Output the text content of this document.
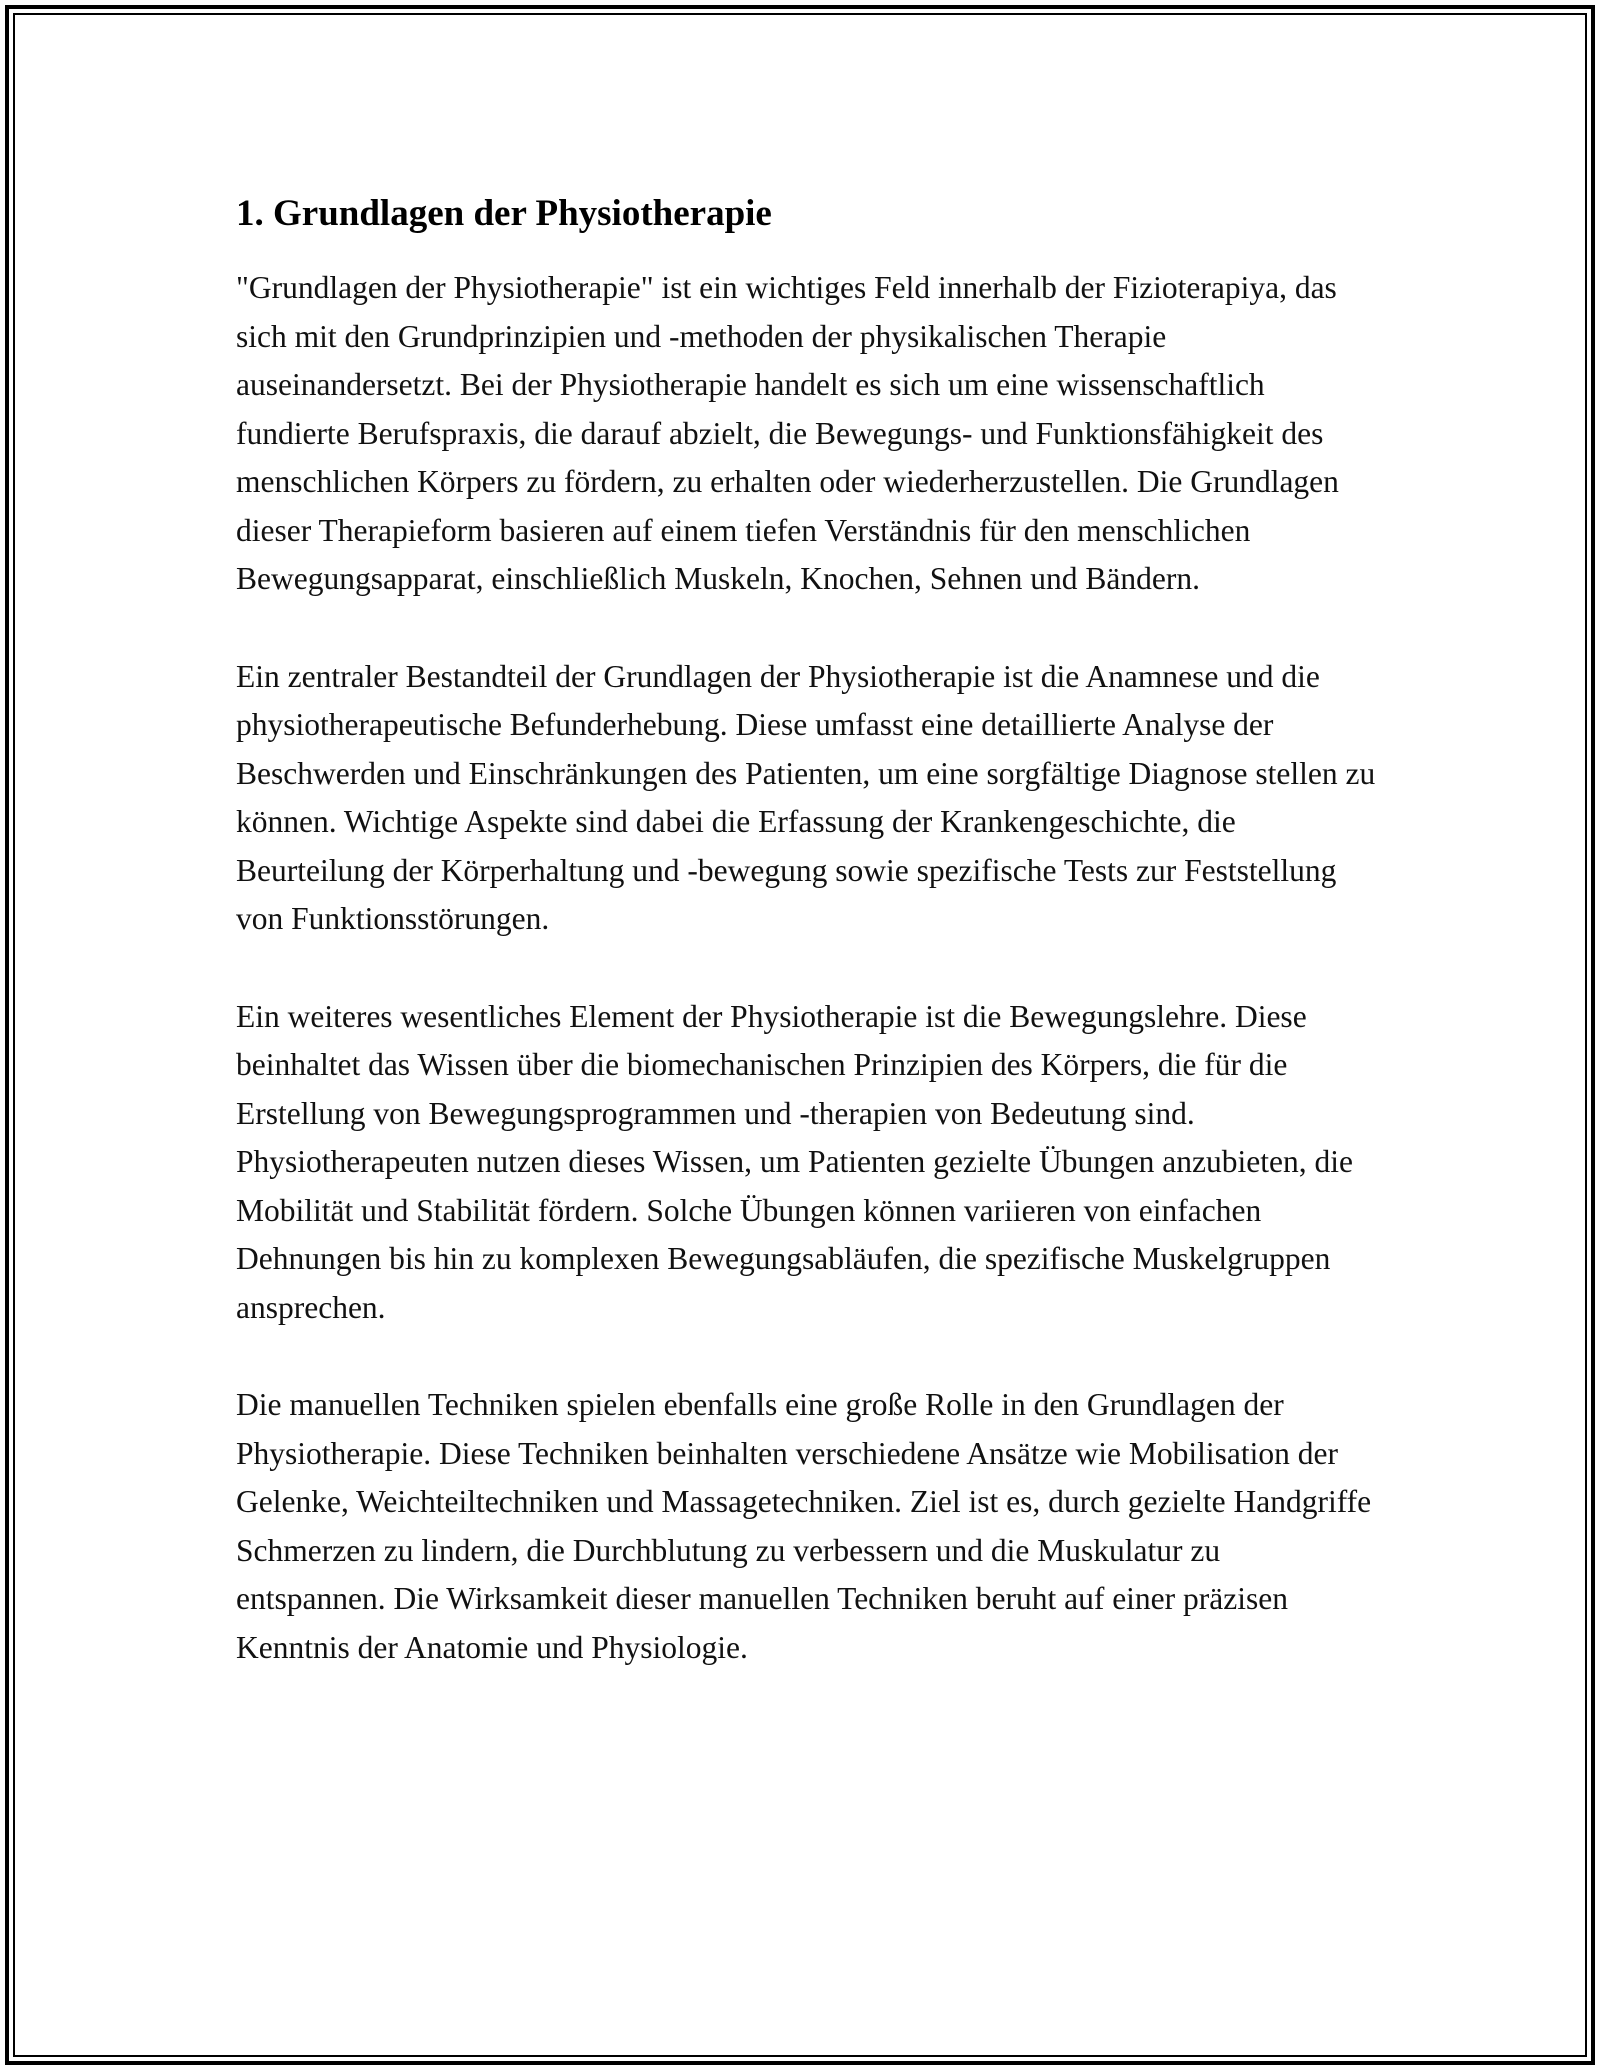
1. Grundlagen der Physiotherapie

"Grundlagen der Physiotherapie" ist ein wichtiges Feld innerhalb der Fizioterapiya, das sich mit den Grundprinzipien und -methoden der physikalischen Therapie auseinandersetzt. Bei der Physiotherapie handelt es sich um eine wissenschaftlich fundierte Berufspraxis, die darauf abzielt, die Bewegungs- und Funktionsfähigkeit des menschlichen Körpers zu fördern, zu erhalten oder wiederherzustellen. Die Grundlagen dieser Therapieform basieren auf einem tiefen Verständnis für den menschlichen Bewegungsapparat, einschließlich Muskeln, Knochen, Sehnen und Bändern.

Ein zentraler Bestandteil der Grundlagen der Physiotherapie ist die Anamnese und die physiotherapeutische Befunderhebung. Diese umfasst eine detaillierte Analyse der Beschwerden und Einschränkungen des Patienten, um eine sorgfältige Diagnose stellen zu können. Wichtige Aspekte sind dabei die Erfassung der Krankengeschichte, die Beurteilung der Körperhaltung und -bewegung sowie spezifische Tests zur Feststellung von Funktionsstörungen.

Ein weiteres wesentliches Element der Physiotherapie ist die Bewegungslehre. Diese beinhaltet das Wissen über die biomechanischen Prinzipien des Körpers, die für die Erstellung von Bewegungsprogrammen und -therapien von Bedeutung sind. Physiotherapeuten nutzen dieses Wissen, um Patienten gezielte Übungen anzubieten, die Mobilität und Stabilität fördern. Solche Übungen können variieren von einfachen Dehnungen bis hin zu komplexen Bewegungsabläufen, die spezifische Muskelgruppen ansprechen.

Die manuellen Techniken spielen ebenfalls eine große Rolle in den Grundlagen der Physiotherapie. Diese Techniken beinhalten verschiedene Ansätze wie Mobilisation der Gelenke, Weichteiltechniken und Massagetechniken. Ziel ist es, durch gezielte Handgriffe Schmerzen zu lindern, die Durchblutung zu verbessern und die Muskulatur zu entspannen. Die Wirksamkeit dieser manuellen Techniken beruht auf einer präzisen Kenntnis der Anatomie und Physiologie.
